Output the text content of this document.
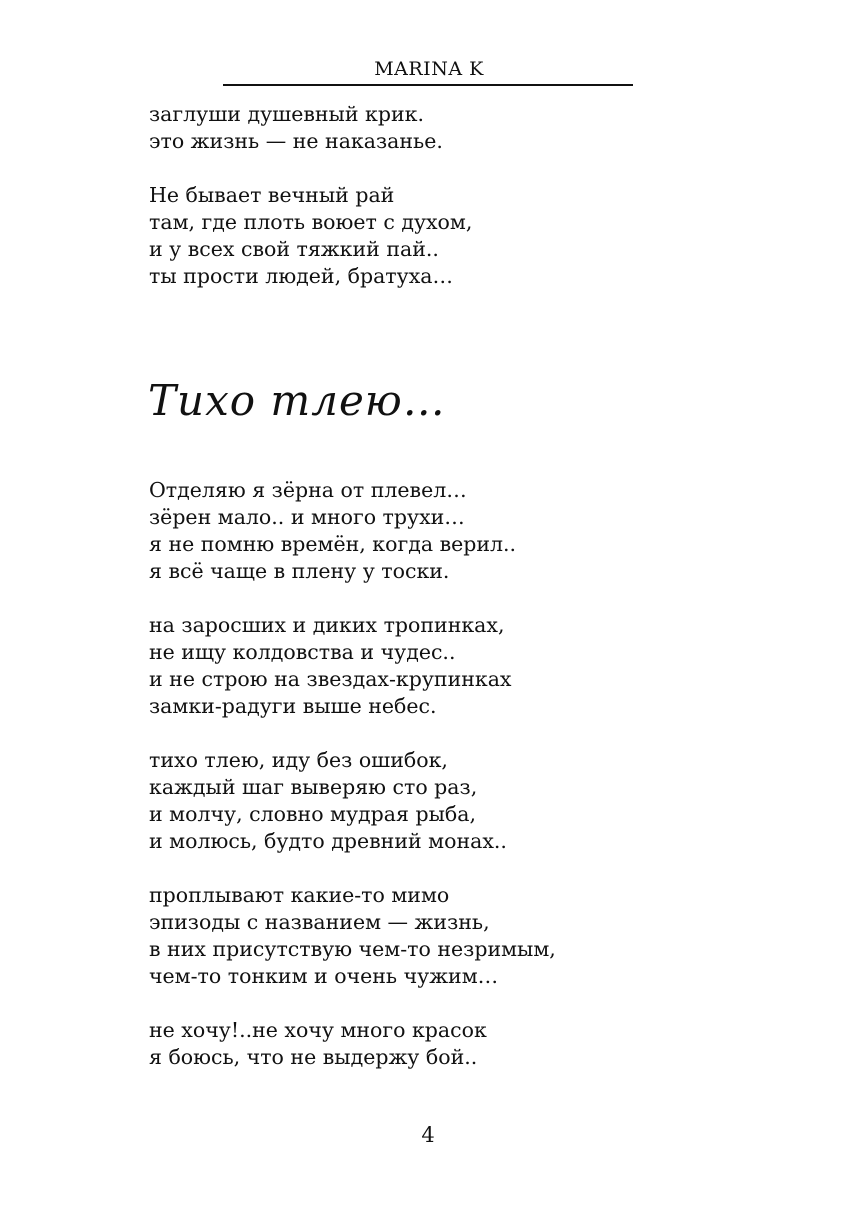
MARINA K
заглуши душевный крик.
это жизнь — не наказанье.
Не бывает вечный рай
там, где плоть воюет с духом,
и у всех свой тяжкий пай..
ты прости людей, братуха…
Тихо тлею…
Отделяю я зёрна от плевел…
зёрен мало.. и много трухи…
я не помню времён, когда верил..
я всё чаще в плену у тоски.
на заросших и диких тропинках,
не ищу колдовства и чудес..
и не строю на звездах-крупинках
замки-радуги выше небес.
тихо тлею, иду без ошибок,
каждый шаг выверяю сто раз,
и молчу, словно мудрая рыба,
и молюсь, будто древний монах..
проплывают какие-то мимо
эпизоды с названием — жизнь,
в них присутствую чем-то незримым,
чем-то тонким и очень чужим…
не хочу!..не хочу много красок
я боюсь, что не выдержу бой..
4
